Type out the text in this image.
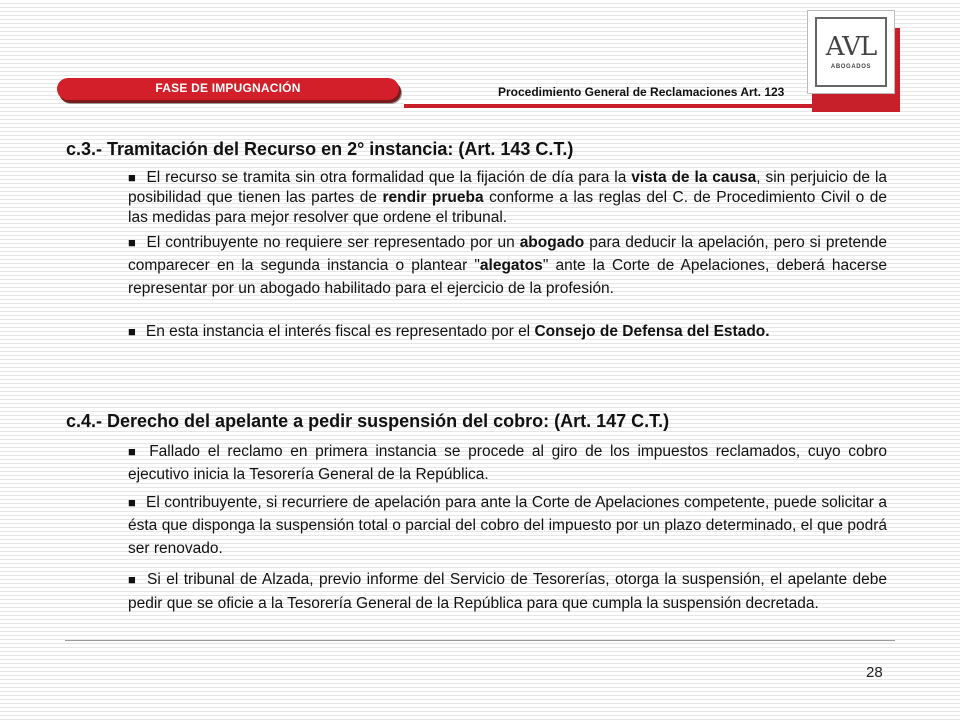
FASE DE IMPUGNACIÓN	Procedimiento General de Reclamaciones Art. 123
AVL
ABOGADOS
c.3.- Tramitación del Recurso en 2° instancia: (Art. 143 C.T.)

■ El recurso se tramita sin otra formalidad que la fijación de día para la vista de la causa, sin perjuicio de la posibilidad que tienen las partes de rendir prueba conforme a las reglas del C. de Procedimiento Civil o de las medidas para mejor resolver que ordene el tribunal.

■ El contribuyente no requiere ser representado por un abogado para deducir la apelación, pero si pretende comparecer en la segunda instancia o plantear "alegatos" ante la Corte de Apelaciones, deberá hacerse representar por un abogado habilitado para el ejercicio de la profesión.

■ En esta instancia el interés fiscal es representado por el Consejo de Defensa del Estado.

c.4.- Derecho del apelante a pedir suspensión del cobro: (Art. 147 C.T.)

■ Fallado el reclamo en primera instancia se procede al giro de los impuestos reclamados, cuyo cobro ejecutivo inicia la Tesorería General de la República.

■ El contribuyente, si recurriere de apelación para ante la Corte de Apelaciones competente, puede solicitar a ésta que disponga la suspensión total o parcial del cobro del impuesto por un plazo determinado, el que podrá ser renovado.

■ Si el tribunal de Alzada, previo informe del Servicio de Tesorerías, otorga la suspensión, el apelante debe pedir que se oficie a la Tesorería General de la República para que cumpla la suspensión decretada.

28
